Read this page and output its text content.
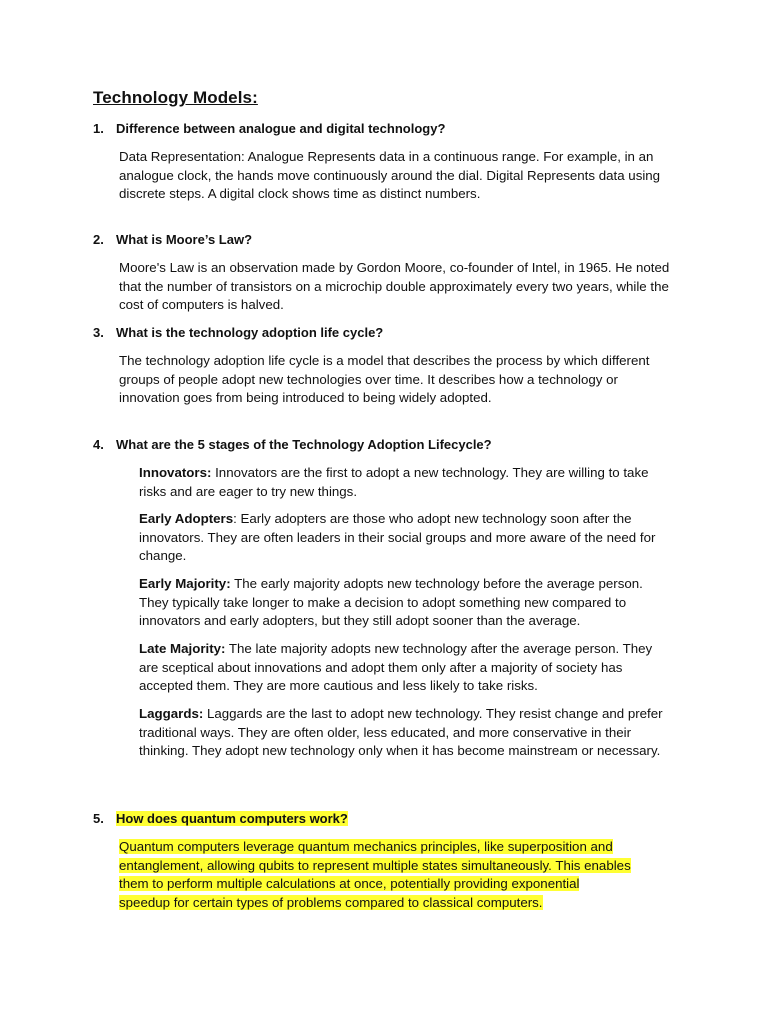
Technology Models:
1. Difference between analogue and digital technology?
Data Representation: Analogue Represents data in a continuous range. For example, in an analogue clock, the hands move continuously around the dial. Digital Represents data using discrete steps. A digital clock shows time as distinct numbers.
2. What is Moore’s Law?
Moore's Law is an observation made by Gordon Moore, co-founder of Intel, in 1965. He noted that the number of transistors on a microchip double approximately every two years, while the cost of computers is halved.
3. What is the technology adoption life cycle?
The technology adoption life cycle is a model that describes the process by which different groups of people adopt new technologies over time. It describes how a technology or innovation goes from being introduced to being widely adopted.
4. What are the 5 stages of the Technology Adoption Lifecycle?
Innovators: Innovators are the first to adopt a new technology. They are willing to take risks and are eager to try new things.
Early Adopters: Early adopters are those who adopt new technology soon after the innovators. They are often leaders in their social groups and more aware of the need for change.
Early Majority: The early majority adopts new technology before the average person. They typically take longer to make a decision to adopt something new compared to innovators and early adopters, but they still adopt sooner than the average.
Late Majority: The late majority adopts new technology after the average person. They are sceptical about innovations and adopt them only after a majority of society has accepted them. They are more cautious and less likely to take risks.
Laggards: Laggards are the last to adopt new technology. They resist change and prefer traditional ways. They are often older, less educated, and more conservative in their thinking. They adopt new technology only when it has become mainstream or necessary.
5. How does quantum computers work?
Quantum computers leverage quantum mechanics principles, like superposition and
entanglement, allowing qubits to represent multiple states simultaneously. This enables
them to perform multiple calculations at once, potentially providing exponential
speedup for certain types of problems compared to classical computers.
